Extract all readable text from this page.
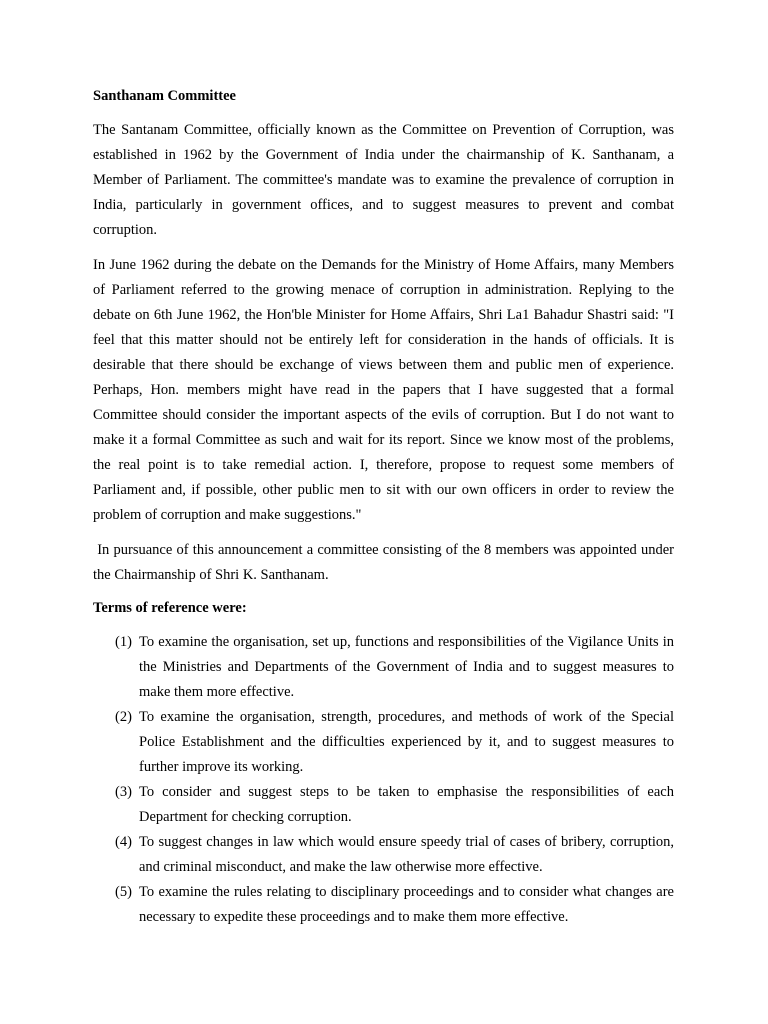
Santhanam Committee

The Santanam Committee, officially known as the Committee on Prevention of Corruption, was established in 1962 by the Government of India under the chairmanship of K. Santhanam, a Member of Parliament. The committee's mandate was to examine the prevalence of corruption in India, particularly in government offices, and to suggest measures to prevent and combat corruption.

In June 1962 during the debate on the Demands for the Ministry of Home Affairs, many Members of Parliament referred to the growing menace of corruption in administration. Replying to the debate on 6th June 1962, the Hon'ble Minister for Home Affairs, Shri La1 Bahadur Shastri said: "I feel that this matter should not be entirely left for consideration in the hands of officials. It is desirable that there should be exchange of views between them and public men of experience. Perhaps, Hon. members might have read in the papers that I have suggested that a formal Committee should consider the important aspects of the evils of corruption. But I do not want to make it a formal Committee as such and wait for its report. Since we know most of the problems, the real point is to take remedial action. I, therefore, propose to request some members of Parliament and, if possible, other public men to sit with our own officers in order to review the problem of corruption and make suggestions."

In pursuance of this announcement a committee consisting of the 8 members was appointed under the Chairmanship of Shri K. Santhanam.

Terms of reference were:
(1) To examine the organisation, set up, functions and responsibilities of the Vigilance Units in the Ministries and Departments of the Government of India and to suggest measures to make them more effective.
(2) To examine the organisation, strength, procedures, and methods of work of the Special Police Establishment and the difficulties experienced by it, and to suggest measures to further improve its working.
(3) To consider and suggest steps to be taken to emphasise the responsibilities of each Department for checking corruption.
(4) To suggest changes in law which would ensure speedy trial of cases of bribery, corruption, and criminal misconduct, and make the law otherwise more effective.
(5) To examine the rules relating to disciplinary proceedings and to consider what changes are necessary to expedite these proceedings and to make them more effective.
